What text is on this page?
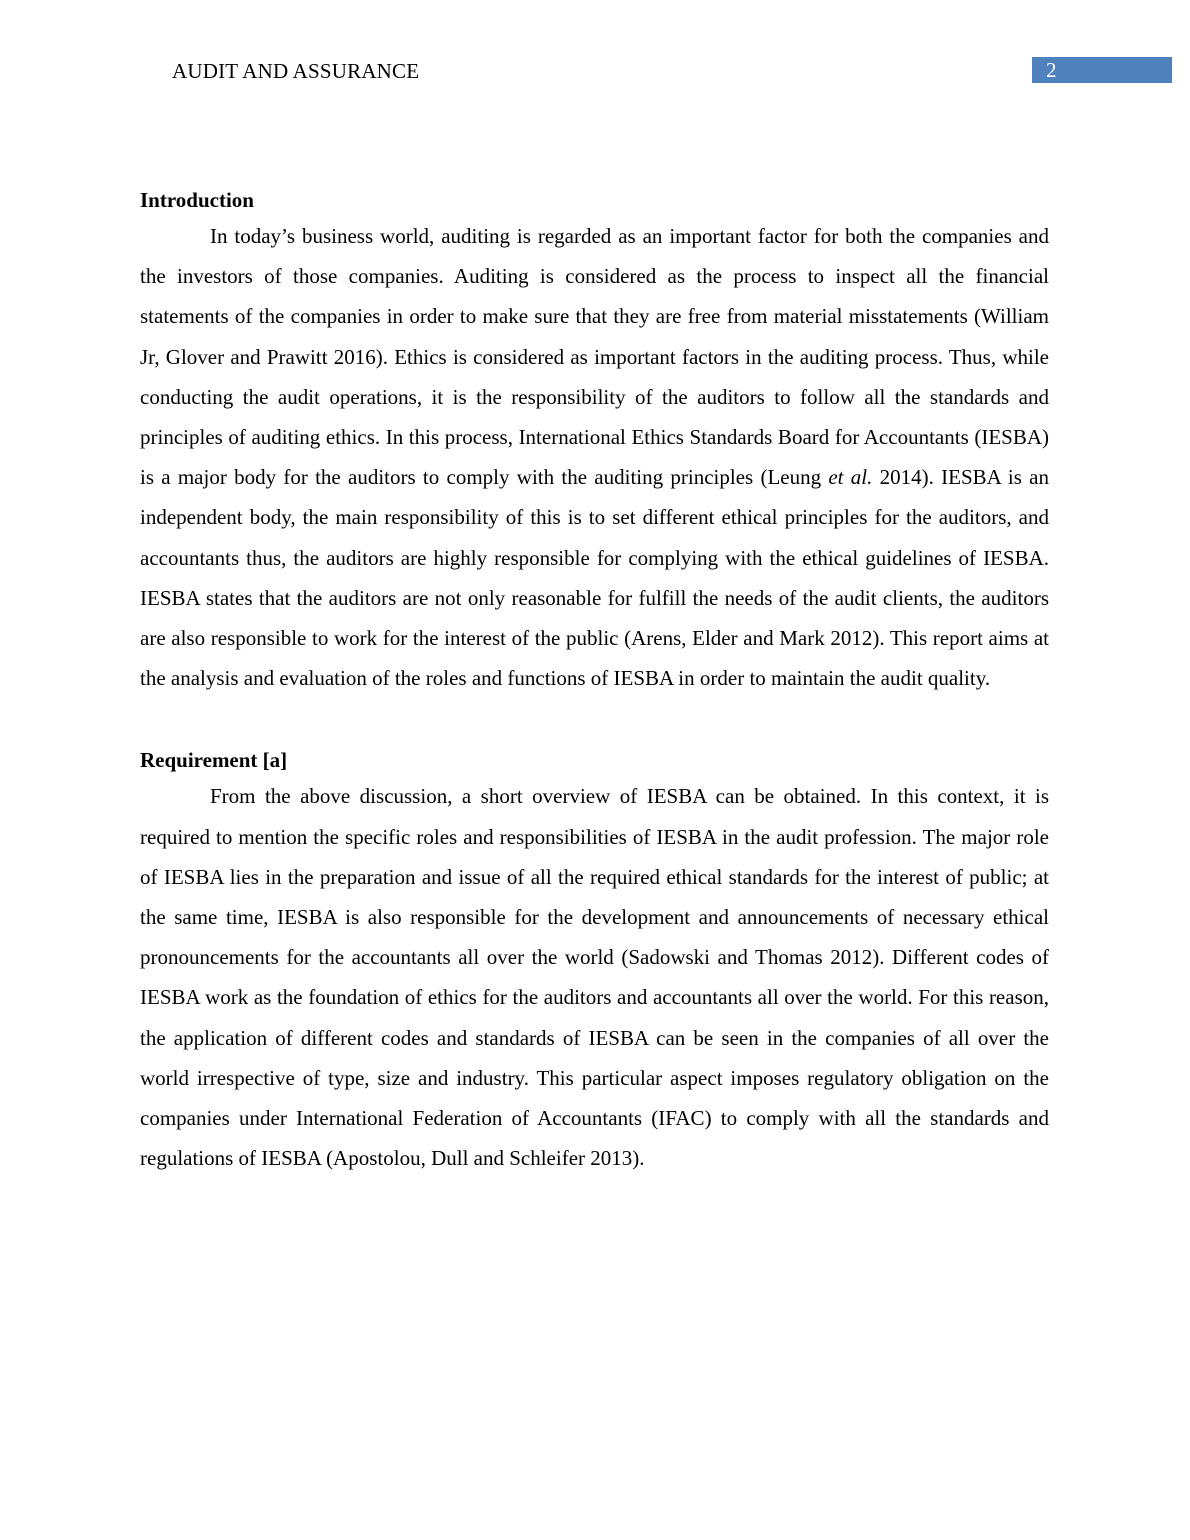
AUDIT AND ASSURANCE	2
Introduction

In today’s business world, auditing is regarded as an important factor for both the companies and the investors of those companies. Auditing is considered as the process to inspect all the financial statements of the companies in order to make sure that they are free from material misstatements (William Jr, Glover and Prawitt 2016). Ethics is considered as important factors in the auditing process. Thus, while conducting the audit operations, it is the responsibility of the auditors to follow all the standards and principles of auditing ethics. In this process, International Ethics Standards Board for Accountants (IESBA) is a major body for the auditors to comply with the auditing principles (Leung et al. 2014). IESBA is an independent body, the main responsibility of this is to set different ethical principles for the auditors, and accountants thus, the auditors are highly responsible for complying with the ethical guidelines of IESBA. IESBA states that the auditors are not only reasonable for fulfill the needs of the audit clients, the auditors are also responsible to work for the interest of the public (Arens, Elder and Mark 2012). This report aims at the analysis and evaluation of the roles and functions of IESBA in order to maintain the audit quality.

Requirement [a]

From the above discussion, a short overview of IESBA can be obtained. In this context, it is required to mention the specific roles and responsibilities of IESBA in the audit profession. The major role of IESBA lies in the preparation and issue of all the required ethical standards for the interest of public; at the same time, IESBA is also responsible for the development and announcements of necessary ethical pronouncements for the accountants all over the world (Sadowski and Thomas 2012). Different codes of IESBA work as the foundation of ethics for the auditors and accountants all over the world. For this reason, the application of different codes and standards of IESBA can be seen in the companies of all over the world irrespective of type, size and industry. This particular aspect imposes regulatory obligation on the companies under International Federation of Accountants (IFAC) to comply with all the standards and regulations of IESBA (Apostolou, Dull and Schleifer 2013).
